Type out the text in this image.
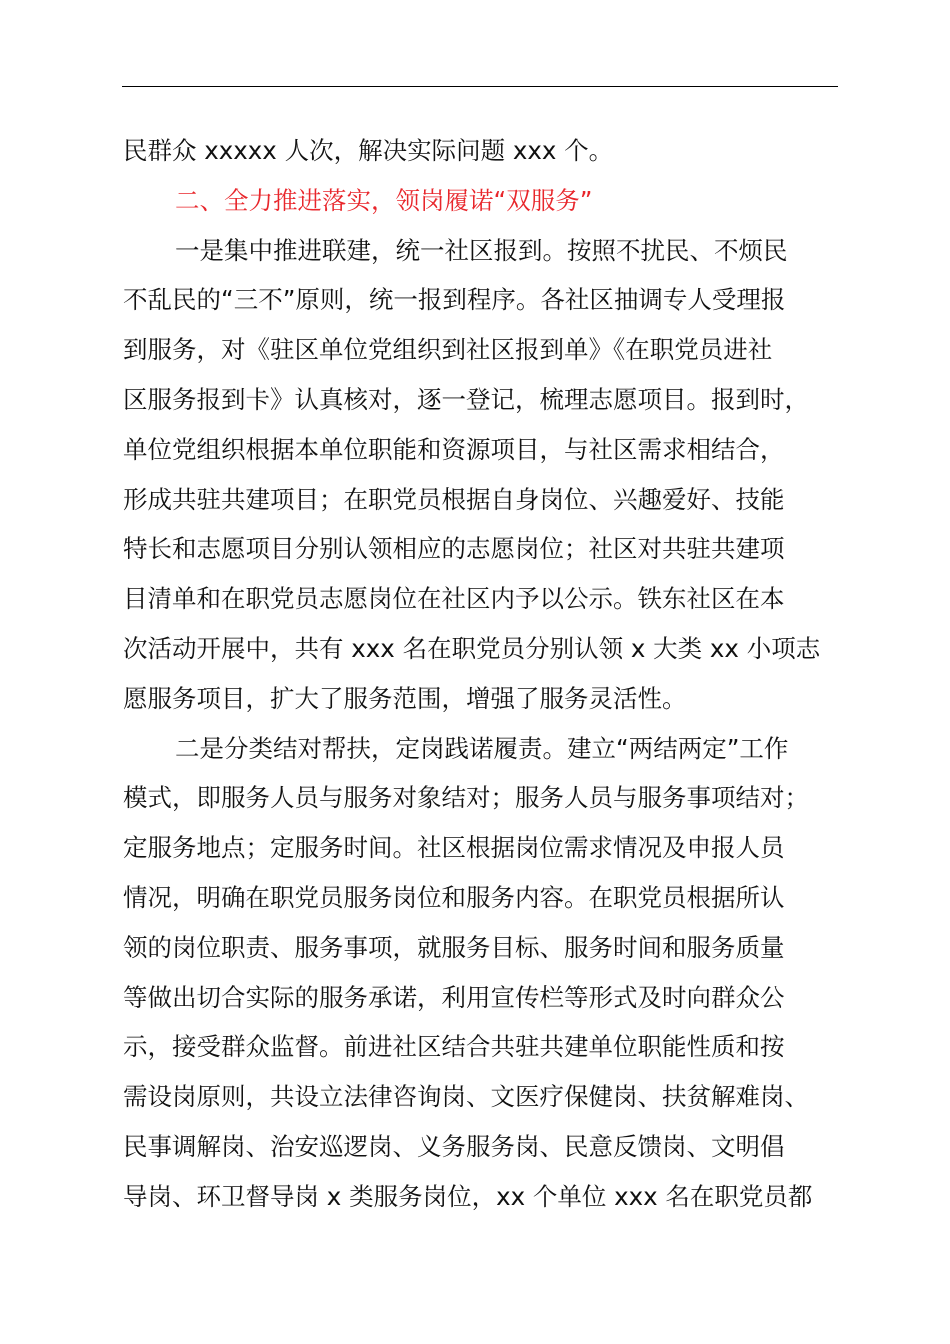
民群众 xxxxx 人次，解决实际问题 xxx 个。

二、全力推进落实，领岗履诺“双服务”

一是集中推进联建，统一社区报到。按照不扰民、不烦民

不乱民的“三不”原则，统一报到程序。各社区抽调专人受理报

到服务，对《驻区单位党组织到社区报到单》《在职党员进社

区服务报到卡》认真核对，逐一登记，梳理志愿项目。报到时，

单位党组织根据本单位职能和资源项目，与社区需求相结合，

形成共驻共建项目；在职党员根据自身岗位、兴趣爱好、技能

特长和志愿项目分别认领相应的志愿岗位；社区对共驻共建项

目清单和在职党员志愿岗位在社区内予以公示。铁东社区在本

次活动开展中，共有 xxx 名在职党员分别认领 x 大类 xx 小项志

愿服务项目，扩大了服务范围，增强了服务灵活性。

二是分类结对帮扶，定岗践诺履责。建立“两结两定”工作

模式，即服务人员与服务对象结对；服务人员与服务事项结对；

定服务地点；定服务时间。社区根据岗位需求情况及申报人员

情况，明确在职党员服务岗位和服务内容。在职党员根据所认

领的岗位职责、服务事项，就服务目标、服务时间和服务质量

等做出切合实际的服务承诺，利用宣传栏等形式及时向群众公

示，接受群众监督。前进社区结合共驻共建单位职能性质和按

需设岗原则，共设立法律咨询岗、文医疗保健岗、扶贫解难岗、

民事调解岗、治安巡逻岗、义务服务岗、民意反馈岗、文明倡

导岗、环卫督导岗 x 类服务岗位，xx 个单位 xxx 名在职党员都
